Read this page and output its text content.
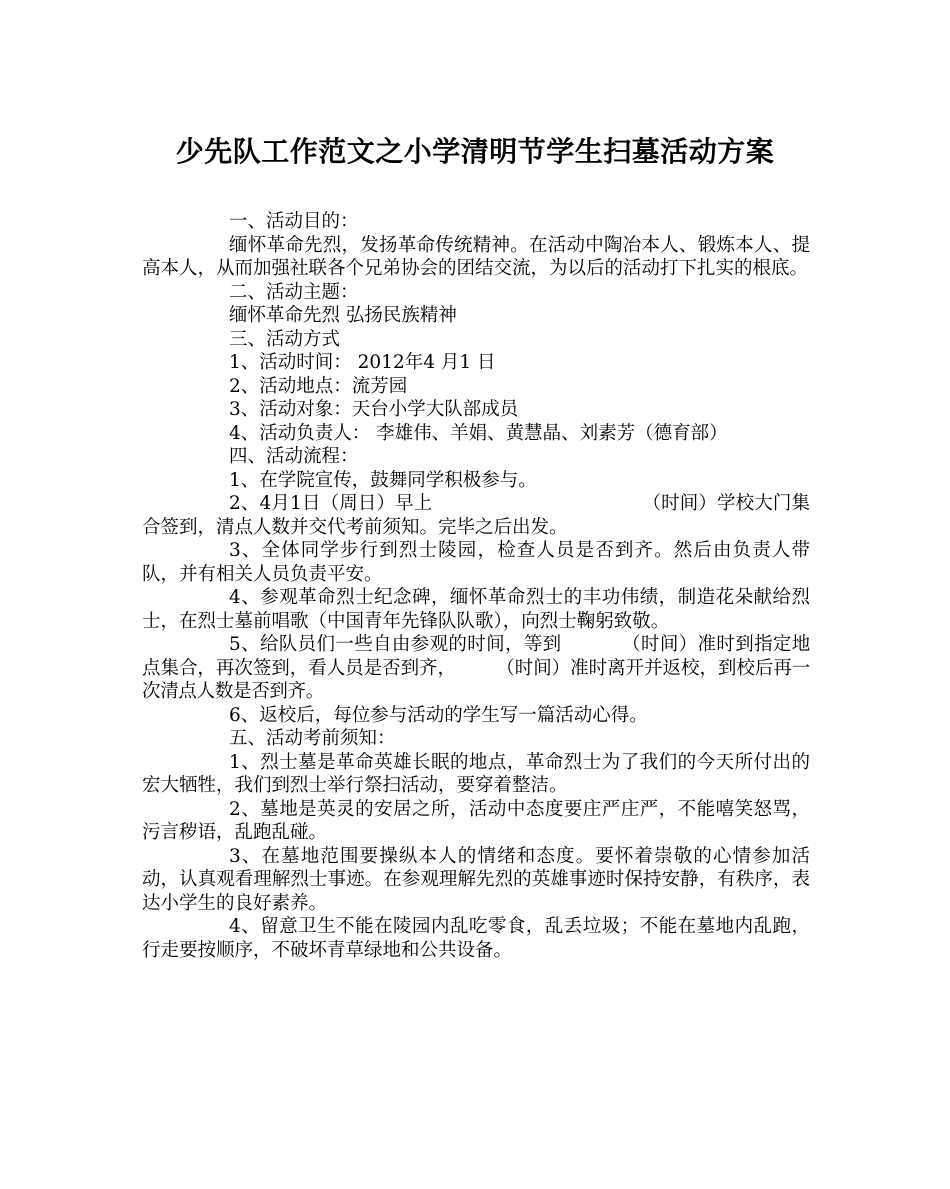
少先队工作范文之小学清明节学生扫墓活动方案

一、活动目的：

缅怀革命先烈，发扬革命传统精神。在活动中陶冶本人、锻炼本人、提高本人，从而加强社联各个兄弟协会的团结交流，为以后的活动打下扎实的根底。

二、活动主题：

缅怀革命先烈 弘扬民族精神

三、活动方式

1、活动时间： 2012年4 月1 日

2、活动地点：流芳园

3、活动对象：天台小学大队部成员

4、活动负责人： 李雄伟、羊娟、黄慧晶、刘素芳（德育部）

四、活动流程：

1、在学院宣传，鼓舞同学积极参与。

2、4月1日（周日）早上	（时间）学校大门集合签到，清点人数并交代考前须知。完毕之后出发。

3、全体同学步行到烈士陵园，检查人员是否到齐。然后由负责人带队，并有相关人员负责平安。

4、参观革命烈士纪念碑，缅怀革命烈士的丰功伟绩，制造花朵献给烈士，在烈士墓前唱歌（中国青年先锋队队歌），向烈士鞠躬致敬。

5、给队员们一些自由参观的时间，等到	（时间）准时到指定地点集合，再次签到，看人员是否到齐， （时间）准时离开并返校，到校后再一次清点人数是否到齐。

6、返校后，每位参与活动的学生写一篇活动心得。

五、活动考前须知：

1、烈士墓是革命英雄长眠的地点，革命烈士为了我们的今天所付出的宏大牺牲，我们到烈士举行祭扫活动，要穿着整洁。

2、墓地是英灵的安居之所，活动中态度要庄严庄严，不能嘻笑怒骂，污言秽语，乱跑乱碰。

3、在墓地范围要操纵本人的情绪和态度。要怀着崇敬的心情参加活动，认真观看理解烈士事迹。在参观理解先烈的英雄事迹时保持安静，有秩序，表达小学生的良好素养。

4、留意卫生不能在陵园内乱吃零食，乱丢垃圾；不能在墓地内乱跑，行走要按顺序，不破坏青草绿地和公共设备。
